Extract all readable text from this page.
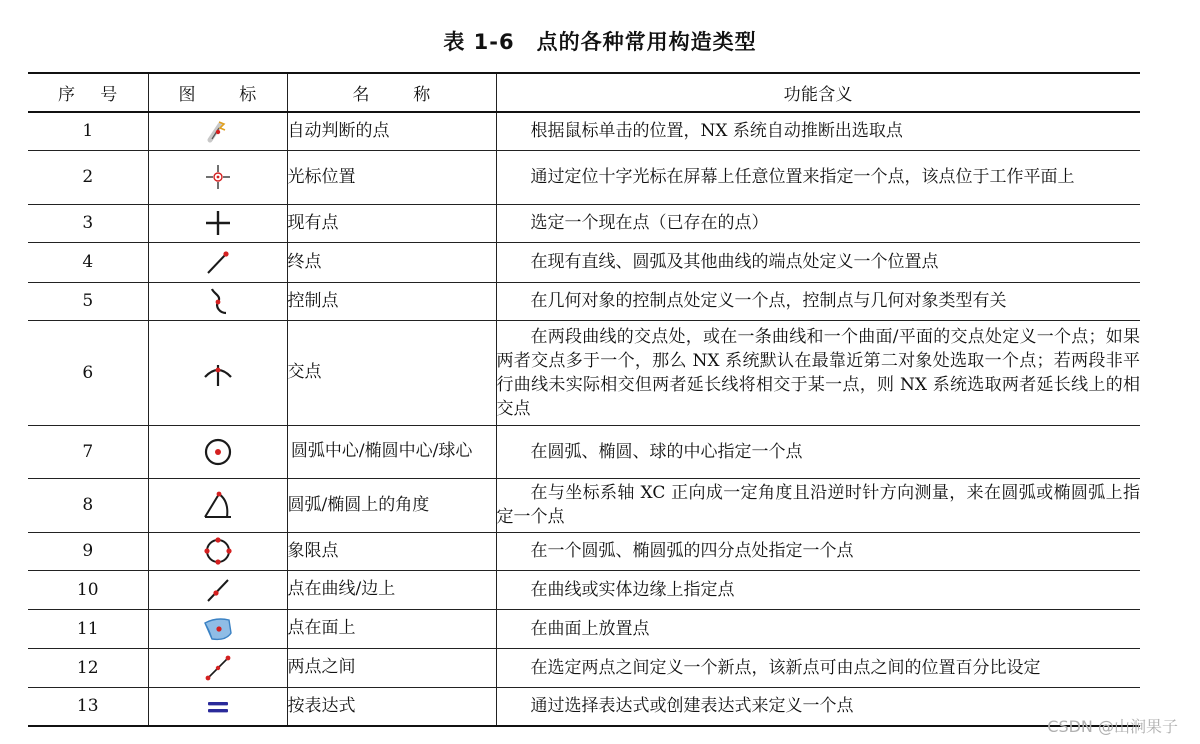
表 1-6　点的各种常用构造类型
序号	图标	名称	功能含义
1		自动判断的点	根据鼠标单击的位置，NX 系统自动推断出选取点

2		光标位置	通过定位十字光标在屏幕上任意位置来指定一个点，该点位于工作平面上

3		现有点	选定一个现在点（已存在的点）

4		终点	在现有直线、圆弧及其他曲线的端点处定义一个位置点

5		控制点	在几何对象的控制点处定义一个点，控制点与几何对象类型有关

6		交点	在两段曲线的交点处，或在一条曲线和一个曲面/平面的交点处定义一个点；如果两者交点多于一个，那么 NX 系统默认在最靠近第二对象处选取一个点；若两段非平行曲线未实际相交但两者延长线将相交于某一点，则 NX 系统选取两者延长线上的相交点

7		圆弧中心/椭圆中心/球心	在圆弧、椭圆、球的中心指定一个点

8		圆弧/椭圆上的角度	在与坐标系轴 XC 正向成一定角度且沿逆时针方向测量，来在圆弧或椭圆弧上指定一个点

9		象限点	在一个圆弧、椭圆弧的四分点处指定一个点

10		点在曲线/边上	在曲线或实体边缘上指定点

11		点在面上	在曲面上放置点

12		两点之间	在选定两点之间定义一个新点，该新点可由点之间的位置百分比设定

13		按表达式	通过选择表达式或创建表达式来定义一个点
CSDN @山涧果子
